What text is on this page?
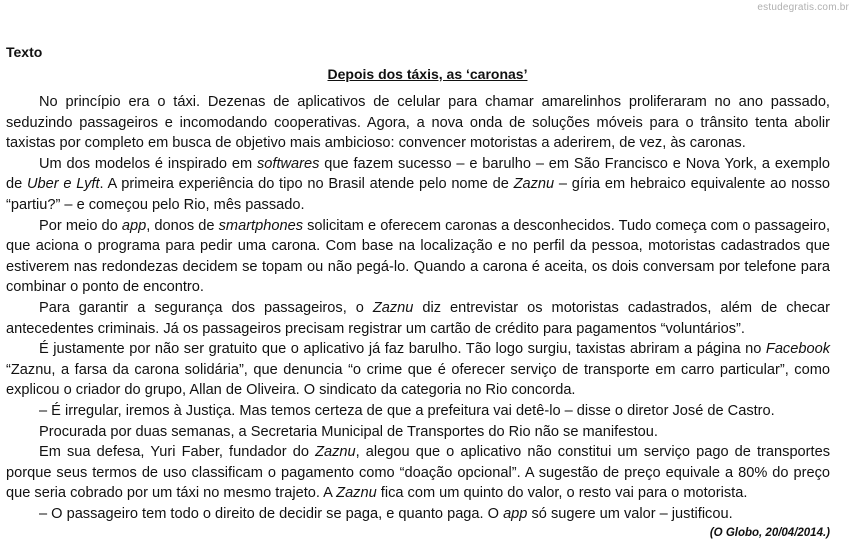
estudegratis.com.br
Texto
Depois dos táxis, as ‘caronas’

No princípio era o táxi. Dezenas de aplicativos de celular para chamar amarelinhos proliferaram no ano passado, seduzindo passageiros e incomodando cooperativas. Agora, a nova onda de soluções móveis para o trânsito tenta abolir taxistas por completo em busca de objetivo mais ambicioso: convencer motoristas a aderirem, de vez, às caronas.

Um dos modelos é inspirado em softwares que fazem sucesso – e barulho – em São Francisco e Nova York, a exemplo de Uber e Lyft. A primeira experiência do tipo no Brasil atende pelo nome de Zaznu – gíria em hebraico equivalente ao nosso “partiu?” – e começou pelo Rio, mês passado.

Por meio do app, donos de smartphones solicitam e oferecem caronas a desconhecidos. Tudo começa com o passageiro, que aciona o programa para pedir uma carona. Com base na localização e no perfil da pessoa, motoristas cadastrados que estiverem nas redondezas decidem se topam ou não pegá-lo. Quando a carona é aceita, os dois conversam por telefone para combinar o ponto de encontro.

Para garantir a segurança dos passageiros, o Zaznu diz entrevistar os motoristas cadastrados, além de checar antecedentes criminais. Já os passageiros precisam registrar um cartão de crédito para pagamentos “voluntários”.

É justamente por não ser gratuito que o aplicativo já faz barulho. Tão logo surgiu, taxistas abriram a página no Facebook “Zaznu, a farsa da carona solidária”, que denuncia “o crime que é oferecer serviço de transporte em carro particular”, como explicou o criador do grupo, Allan de Oliveira. O sindicato da categoria no Rio concorda.

– É irregular, iremos à Justiça. Mas temos certeza de que a prefeitura vai detê-lo – disse o diretor José de Castro.

Procurada por duas semanas, a Secretaria Municipal de Transportes do Rio não se manifestou.

Em sua defesa, Yuri Faber, fundador do Zaznu, alegou que o aplicativo não constitui um serviço pago de transportes porque seus termos de uso classificam o pagamento como “doação opcional”. A sugestão de preço equivale a 80% do preço que seria cobrado por um táxi no mesmo trajeto. A Zaznu fica com um quinto do valor, o resto vai para o motorista.

– O passageiro tem todo o direito de decidir se paga, e quanto paga. O app só sugere um valor – justificou.

(O Globo, 20/04/2014.)
